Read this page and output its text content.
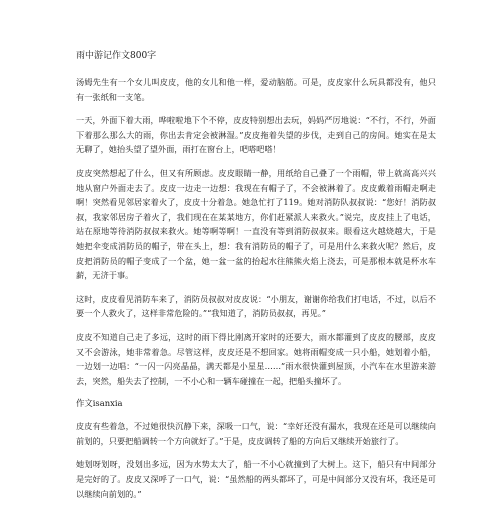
雨中游记作文800字

汤姆先生有一个女儿叫皮皮，他的女儿和他一样，爱动脑筋。可是，皮皮家什么玩具都没有，他只有一张纸和一支笔。

一天，外面下着大雨，哗啦啦地下个不停，皮皮特别想出去玩，妈妈严厉地说：“不行，不行，外面下着那么那么大的雨，你出去肯定会被淋湿。”皮皮拖着失望的步伐，走到自己的房间。她实在是太无聊了，她抬头望了望外面，雨打在窗台上，吧嗒吧嗒！

皮皮突然想起了什么，但又有所顾虑。皮皮眼睛一静，用纸给自己叠了一个雨帽，带上就高高兴兴地从窗户外面走去了。皮皮一边走一边想：我现在有帽子了，不会被淋着了。皮皮戴着雨帽走啊走啊！突然看见邻居家着火了，皮皮十分着急。她急忙打了119。她对消防队叔叔说：“您好！消防叔叔，我家邻居房子着火了，我们现在在某某地方，你们赶紧派人来救火。”说完，皮皮挂上了电话，站在原地等待消防叔叔来救火。她等啊等啊！一直没有等到消防叔叔来。眼看这火越烧越大，于是她把伞变成消防员的帽子，带在头上，想：我有消防员的帽子了，可是用什么来救火呢？然后，皮皮把消防员的帽子变成了一个盆，她一盆一盆的抬起水往熊熊火焰上浇去，可是那根本就是杯水车薪，无济于事。

这时，皮皮看见消防车来了，消防员叔叔对皮皮说：“小朋友，谢谢你给我们打电话，不过，以后不要一个人救火了，这样非常危险的。”“我知道了，消防员叔叔，再见。”

皮皮不知道自己走了多远，这时的雨下得比刚离开家时的还要大，雨水都灌到了皮皮的腰部，皮皮又不会游泳，她非常着急。尽管这样，皮皮还是不想回家。她将雨帽变成一只小船，她划着小船，一边划一边唱：“一闪一闪亮晶晶，满天都是小星星……”雨水很快灌到屋顶，小汽车在水里游来游去，突然，船失去了控制，一不小心和一辆车碰撞在一起，把船头撞坏了。

作文isanxia

皮皮有些着急，不过她很快沉静下来，深吸一口气，说：“幸好还没有漏水，我现在还是可以继续向前划的，只要把船调转一个方向就好了。”于是，皮皮调转了船的方向后又继续开始旅行了。

她划呀划呀，没划出多远，因为水势太大了，船一不小心就撞到了大树上。这下，船只有中间部分是完好的了。皮皮又深呼了一口气，说：“虽然船的两头都坏了，可是中间部分又没有坏，我还是可以继续向前划的。”
